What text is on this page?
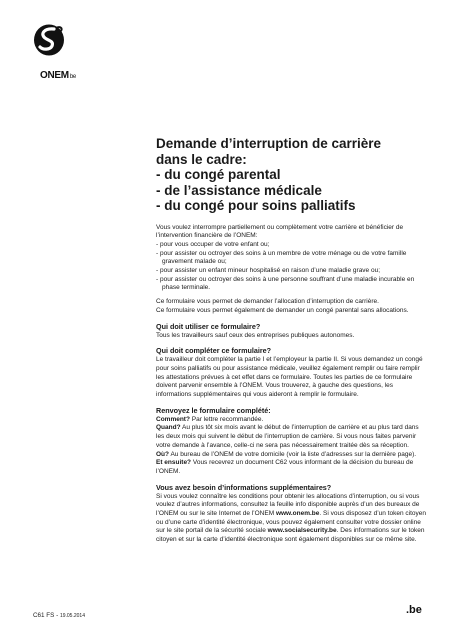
ONEMbe
Demande d’interruption de carrière
dans le cadre:
- du congé parental
- de l’assistance médicale
- du congé pour soins palliatifs

Vous voulez interrompre partiellement ou complètement votre carrière et bénéficier de l’intervention financière de l’ONEM:

- pour vous occuper de votre enfant ou;
- pour assister ou octroyer des soins à un membre de votre ménage ou de votre famille gravement malade ou;
- pour assister un enfant mineur hospitalisé en raison d’une maladie grave ou;
- pour assister ou octroyer des soins à une personne souffrant d’une maladie incurable en phase terminale.

Ce formulaire vous permet de demander l’allocation d’interruption de carrière.

Ce formulaire vous permet également de demander un congé parental sans allocations.

Qui doit utiliser ce formulaire?

Tous les travailleurs sauf ceux des entreprises publiques autonomes.

Qui doit compléter ce formulaire?

Le travailleur doit compléter la partie I et l’employeur la partie II. Si vous demandez un congé pour soins palliatifs ou pour assistance médicale, veuillez également remplir ou faire remplir les attestations prévues à cet effet dans ce formulaire. Toutes les parties de ce formulaire doivent parvenir ensemble à l’ONEM. Vous trouverez, à gauche des questions, les informations supplémentaires qui vous aideront à remplir le formulaire.

Renvoyez le formulaire complété:

Comment? Par lettre recommandée.

Quand? Au plus tôt six mois avant le début de l’interruption de carrière et au plus tard dans les deux mois qui suivent le début de l’interruption de carrière. Si vous nous faites parvenir votre demande à l’avance, celle-ci ne sera pas nécessairement traitée dès sa réception.

Où? Au bureau de l’ONEM de votre domicile (voir la liste d’adresses sur la dernière page).

Et ensuite? Vous recevrez un document C62 vous informant de la décision du bureau de l’ONEM.

Vous avez besoin d’informations supplémentaires?

Si vous voulez connaître les conditions pour obtenir les allocations d’interruption, ou si vous voulez d’autres informations, consultez la feuille info disponible auprès d’un des bureaux de l’ONEM ou sur le site Internet de l’ONEM www.onem.be. Si vous disposez d’un token citoyen ou d’une carte d’identité électronique, vous pouvez également consulter votre dossier online sur le site portail de la sécurité sociale www.socialsecurity.be. Des informations sur le token citoyen et sur la carte d’identité électronique sont également disponibles sur ce même site.

C61 FS - 19.05.2014	.be
